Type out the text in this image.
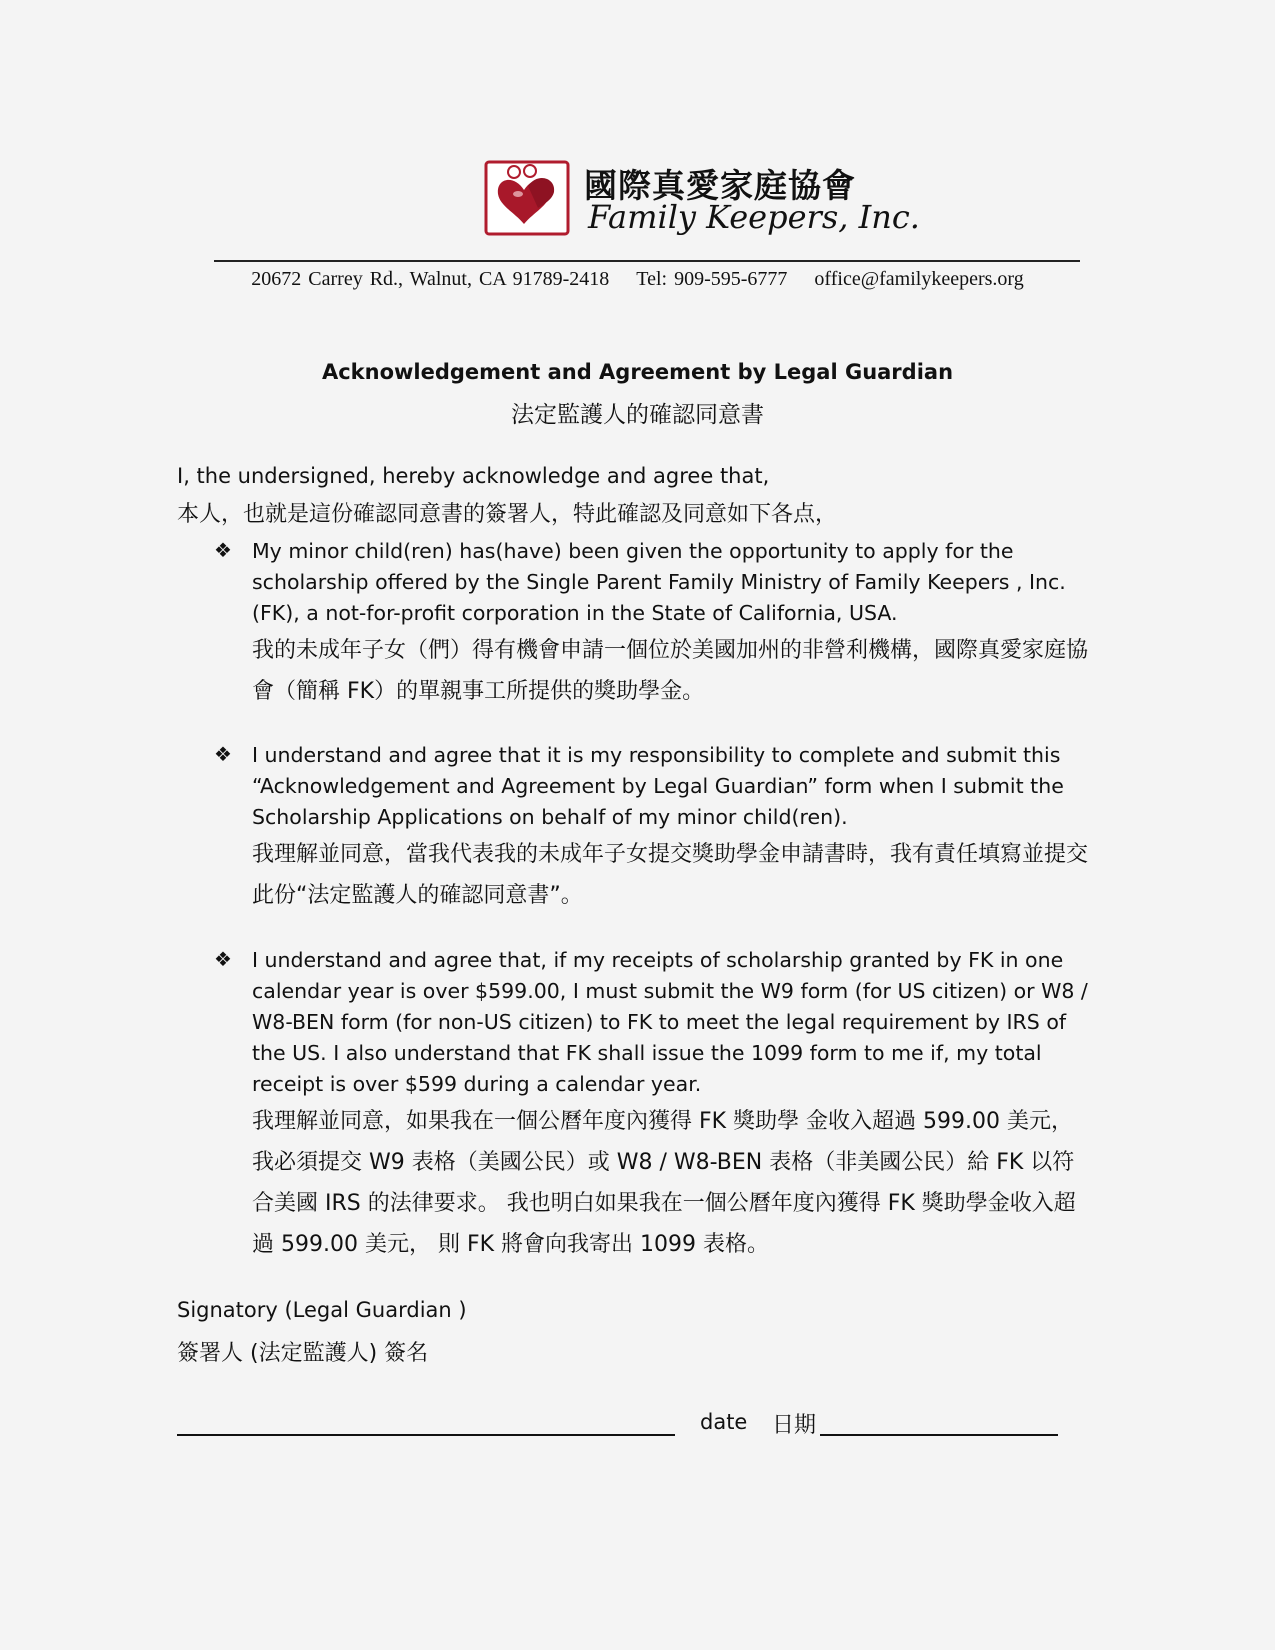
國際真愛家庭協會
Family Keepers, Inc.
20672 Carrey Rd., Walnut, CA 91789-2418 Tel: 909-595-6777 office@familykeepers.org
Acknowledgement and Agreement by Legal Guardian
法定監護人的確認同意書
I, the undersigned, hereby acknowledge and agree that,
本人，也就是這份確認同意書的簽署人，特此確認及同意如下各点，
❖ My minor child(ren) has(have) been given the opportunity to apply for the scholarship offered by the Single Parent Family Ministry of Family Keepers , Inc. (FK), a not-for-profit corporation in the State of California, USA.
我的未成年子女（們）得有機會申請一個位於美國加州的非營利機構，國際真愛家庭協會（簡稱 FK）的單親事工所提供的獎助學金。
❖ I understand and agree that it is my responsibility to complete and submit this “Acknowledgement and Agreement by Legal Guardian” form when I submit the Scholarship Applications on behalf of my minor child(ren).
我理解並同意，當我代表我的未成年子女提交獎助學金申請書時，我有責任填寫並提交此份“法定監護人的確認同意書”。
❖ I understand and agree that, if my receipts of scholarship granted by FK in one calendar year is over $599.00, I must submit the W9 form (for US citizen) or W8 / W8-BEN form (for non-US citizen) to FK to meet the legal requirement by IRS of the US. I also understand that FK shall issue the 1099 form to me if, my total receipt is over $599 during a calendar year.
我理解並同意，如果我在一個公曆年度內獲得 FK 獎助學 金收入超過 599.00 美元，我必須提交 W9 表格（美國公民）或 W8 / W8-BEN 表格（非美國公民）給 FK 以符合美國 IRS 的法律要求。 我也明白如果我在一個公曆年度內獲得 FK 獎助學金收入超過 599.00 美元， 則 FK 將會向我寄出 1099 表格。
Signatory (Legal Guardian )
簽署人 (法定監護人) 簽名
date 日期
